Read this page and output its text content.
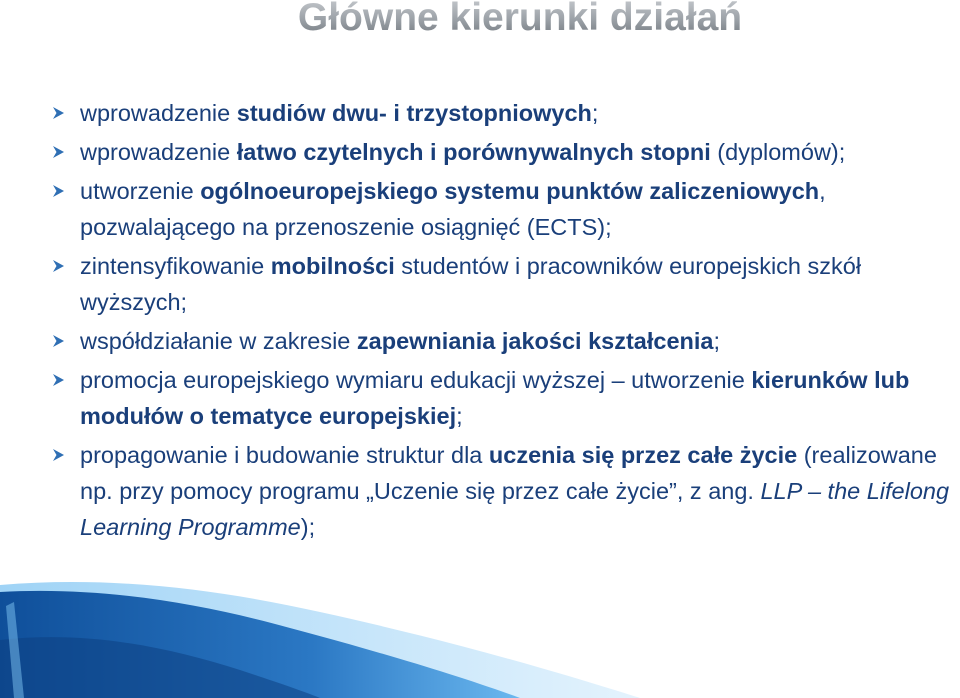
Główne kierunki działań
wprowadzenie studiów dwu- i trzystopniowych;
wprowadzenie łatwo czytelnych i porównywalnych stopni (dyplomów);
utworzenie ogólnoeuropejskiego systemu punktów zaliczeniowych, pozwalającego na przenoszenie osiągnięć (ECTS);
zintensyfikowanie mobilności studentów i pracowników europejskich szkół wyższych;
współdziałanie w zakresie zapewniania jakości kształcenia;
promocja europejskiego wymiaru edukacji wyższej – utworzenie kierunków lub modułów o tematyce europejskiej;
propagowanie i budowanie struktur dla uczenia się przez całe życie (realizowane np. przy pomocy programu „Uczenie się przez całe życie”, z ang. LLP – the Lifelong Learning Programme);
